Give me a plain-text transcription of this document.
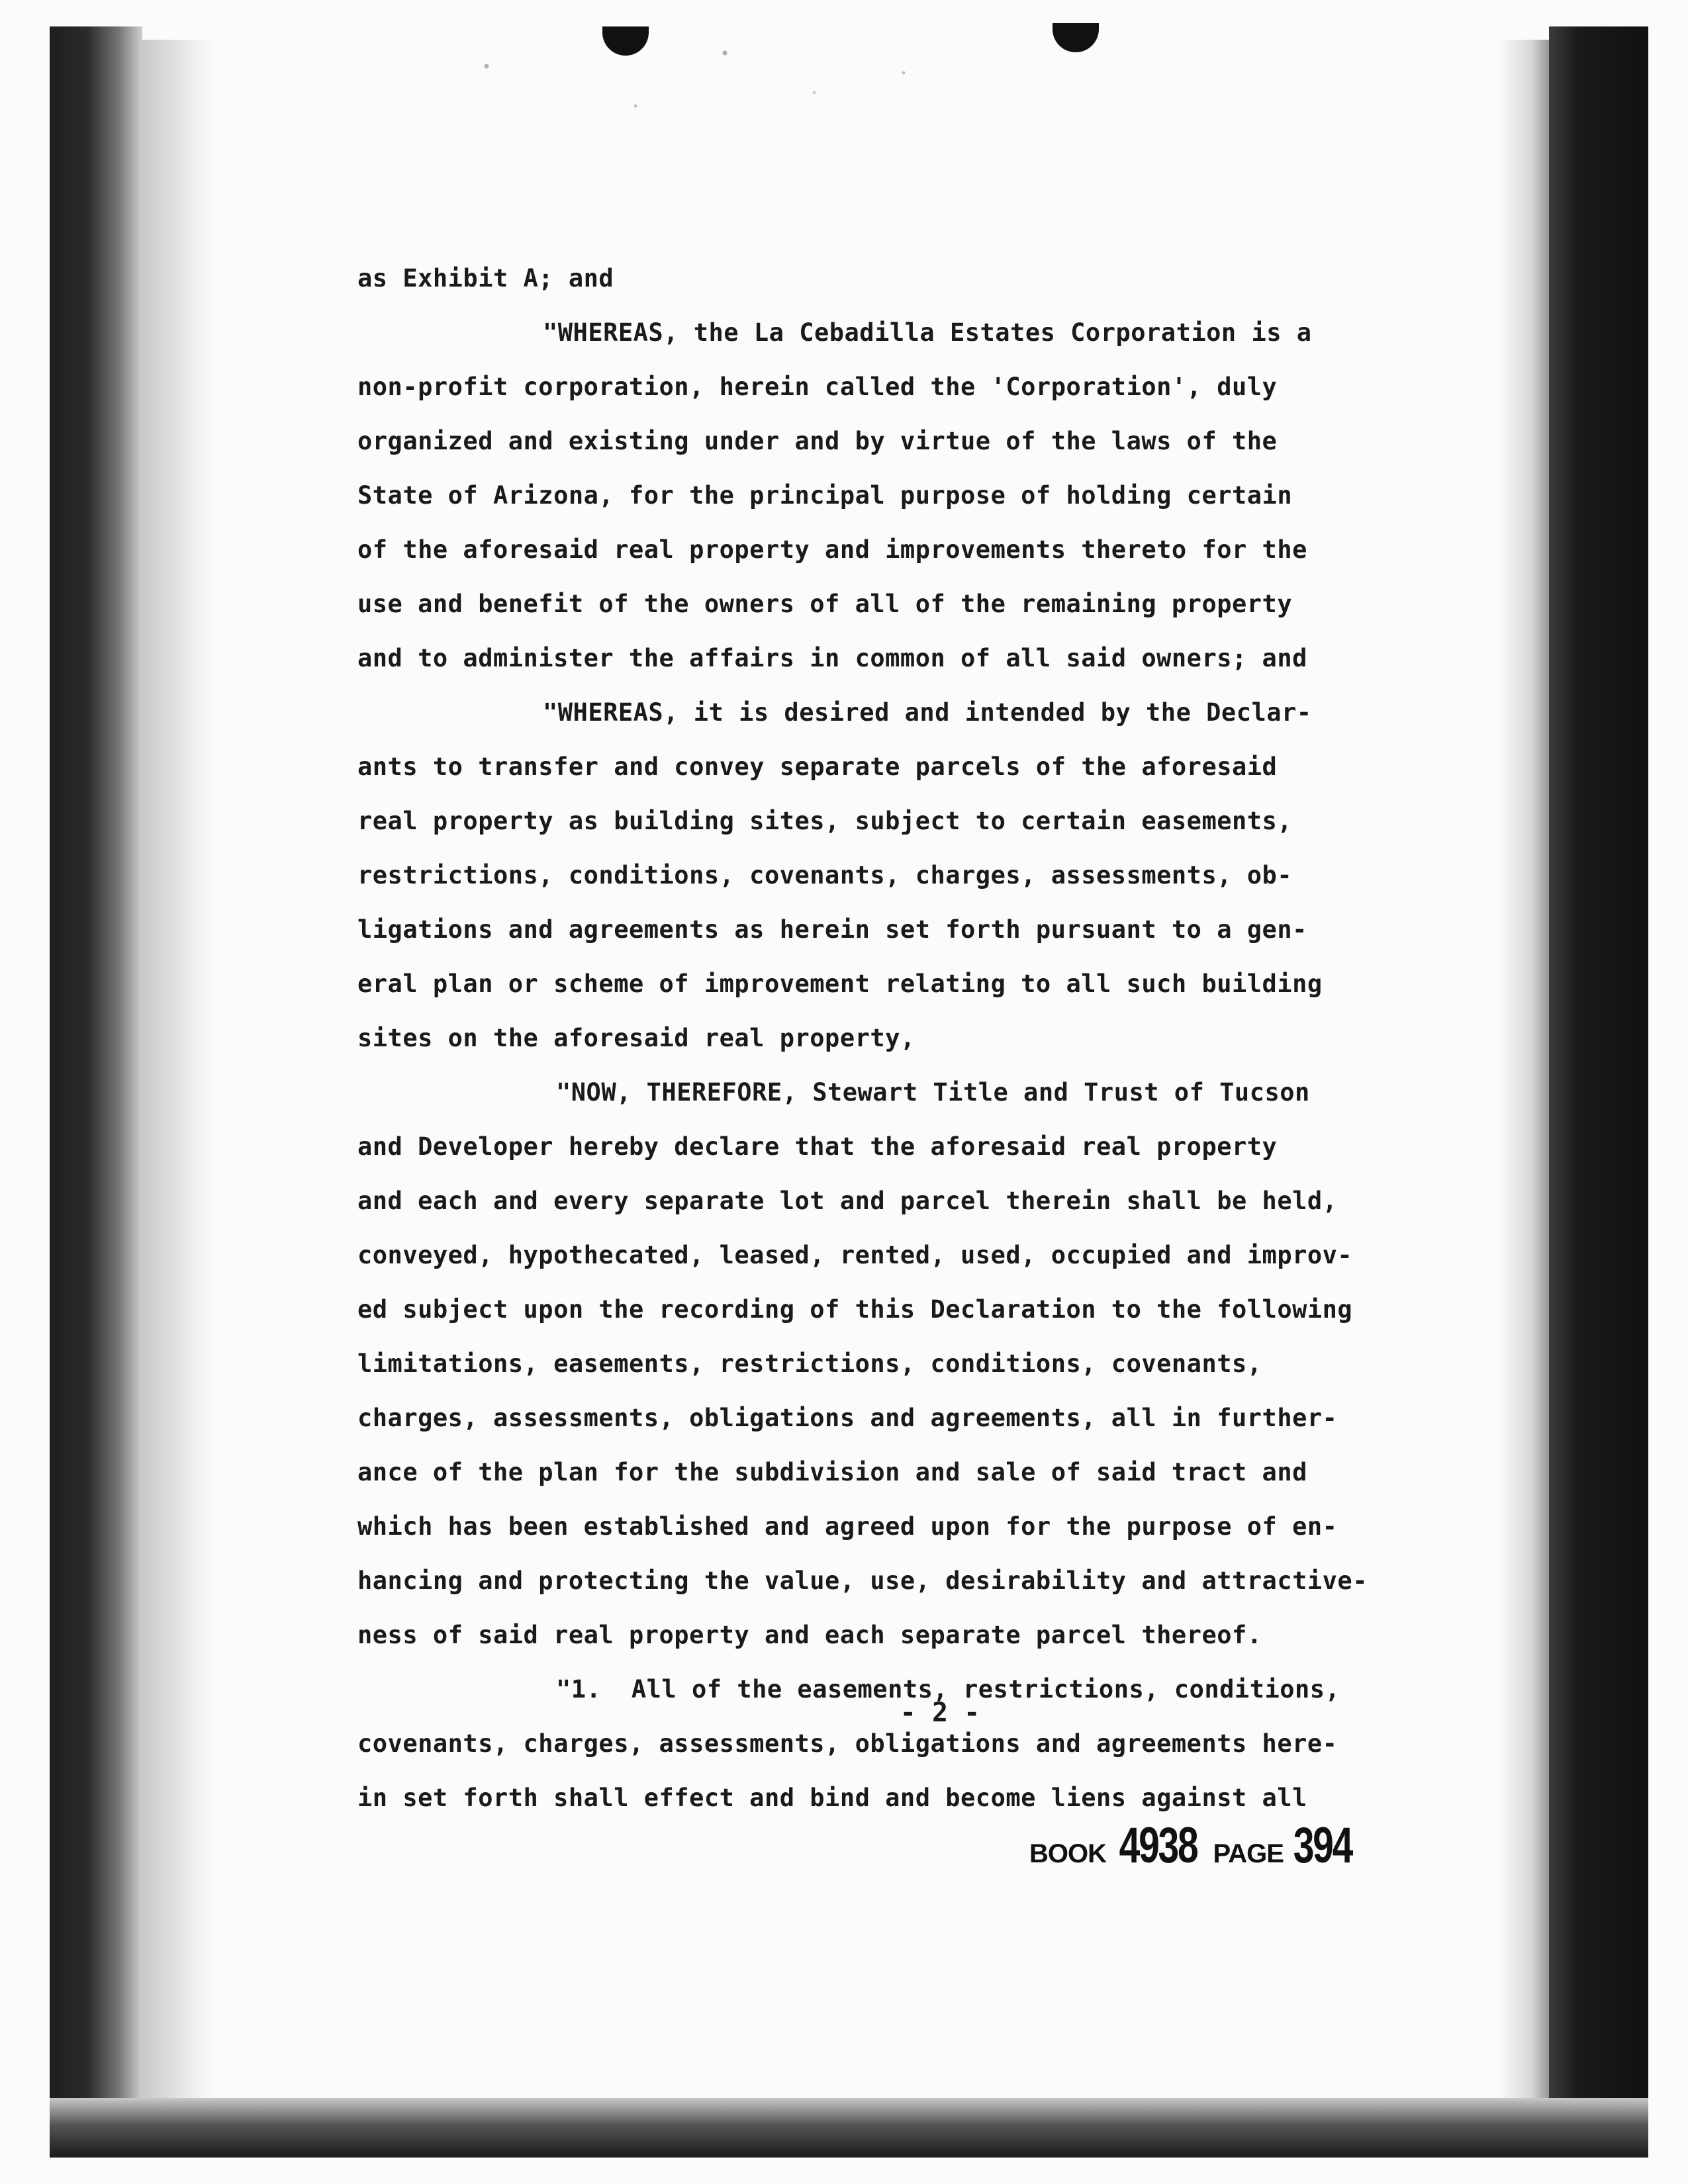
as Exhibit A; and
"WHEREAS, the La Cebadilla Estates Corporation is a
non-profit corporation, herein called the 'Corporation', duly
organized and existing under and by virtue of the laws of the
State of Arizona, for the principal purpose of holding certain
of the aforesaid real property and improvements thereto for the
use and benefit of the owners of all of the remaining property
and to administer the affairs in common of all said owners; and
"WHEREAS, it is desired and intended by the Declar-
ants to transfer and convey separate parcels of the aforesaid
real property as building sites, subject to certain easements,
restrictions, conditions, covenants, charges, assessments, ob-
ligations and agreements as herein set forth pursuant to a gen-
eral plan or scheme of improvement relating to all such building
sites on the aforesaid real property,
"NOW, THEREFORE, Stewart Title and Trust of Tucson
and Developer hereby declare that the aforesaid real property
and each and every separate lot and parcel therein shall be held,
conveyed, hypothecated, leased, rented, used, occupied and improv-
ed subject upon the recording of this Declaration to the following
limitations, easements, restrictions, conditions, covenants,
charges, assessments, obligations and agreements, all in further-
ance of the plan for the subdivision and sale of said tract and
which has been established and agreed upon for the purpose of en-
hancing and protecting the value, use, desirability and attractive-
ness of said real property and each separate parcel thereof.
"1.  All of the easements, restrictions, conditions,
covenants, charges, assessments, obligations and agreements here-
in set forth shall effect and bind and become liens against all
BOOK 4938 PAGE 394
- 2 -
